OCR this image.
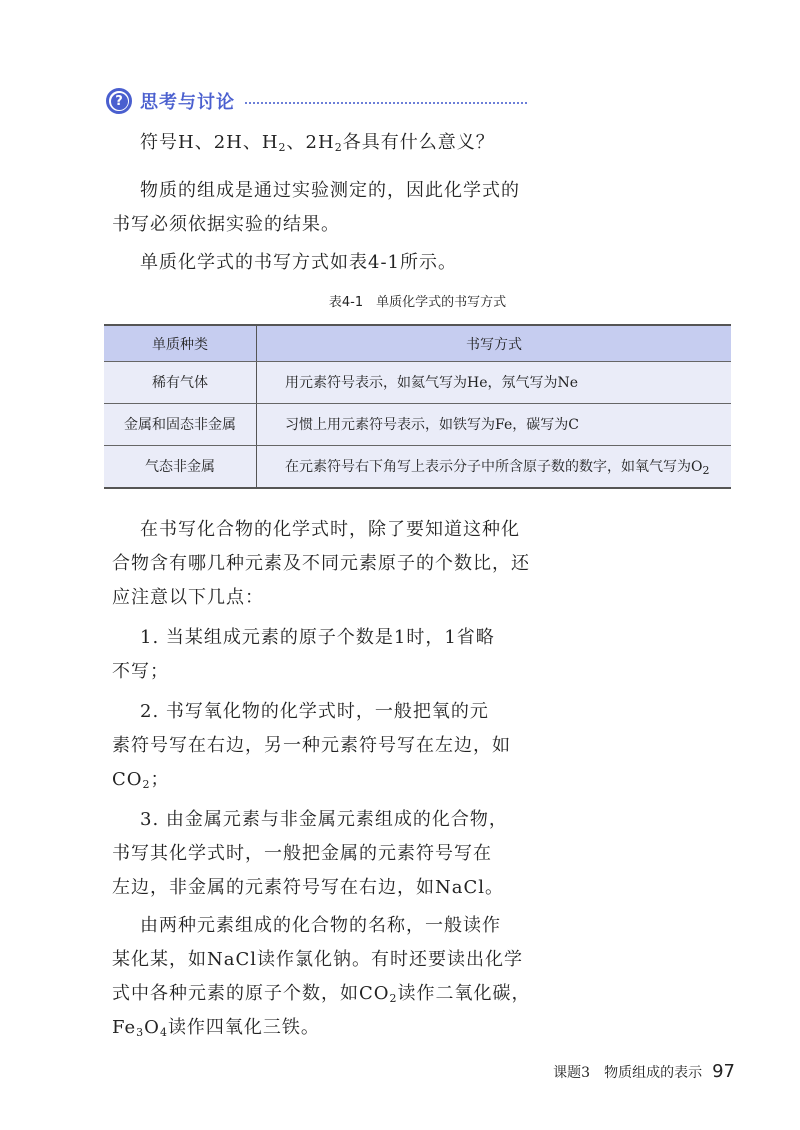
? 思考与讨论
符号H、2H、$H_2$、$2H_2$各具有什么意义？
物质的组成是通过实验测定的，因此化学式的
书写必须依据实验的结果。
单质化学式的书写方式如表4-1所示。
表4-1　单质化学式的书写方式
单质种类	书写方式
稀有气体	用元素符号表示，如氦气写为He，氖气写为Ne
金属和固态非金属	习惯上用元素符号表示，如铁写为Fe，碳写为C
气态非金属	在元素符号右下角写上表示分子中所含原子数的数字，如氧气写为$O_2$
在书写化合物的化学式时，除了要知道这种化
合物含有哪几种元素及不同元素原子的个数比，还
应注意以下几点：
1. 当某组成元素的原子个数是1时，1省略
不写；
2. 书写氧化物的化学式时，一般把氧的元
素符号写在右边，另一种元素符号写在左边，如
$CO_2$；
3. 由金属元素与非金属元素组成的化合物，
书写其化学式时，一般把金属的元素符号写在
左边，非金属的元素符号写在右边，如NaCl。
由两种元素组成的化合物的名称，一般读作
某化某，如NaCl读作氯化钠。有时还要读出化学
式中各种元素的原子个数，如$CO_2$读作二氧化碳，
$Fe_3O_4$读作四氧化三铁。
课题3　物质组成的表示 97
